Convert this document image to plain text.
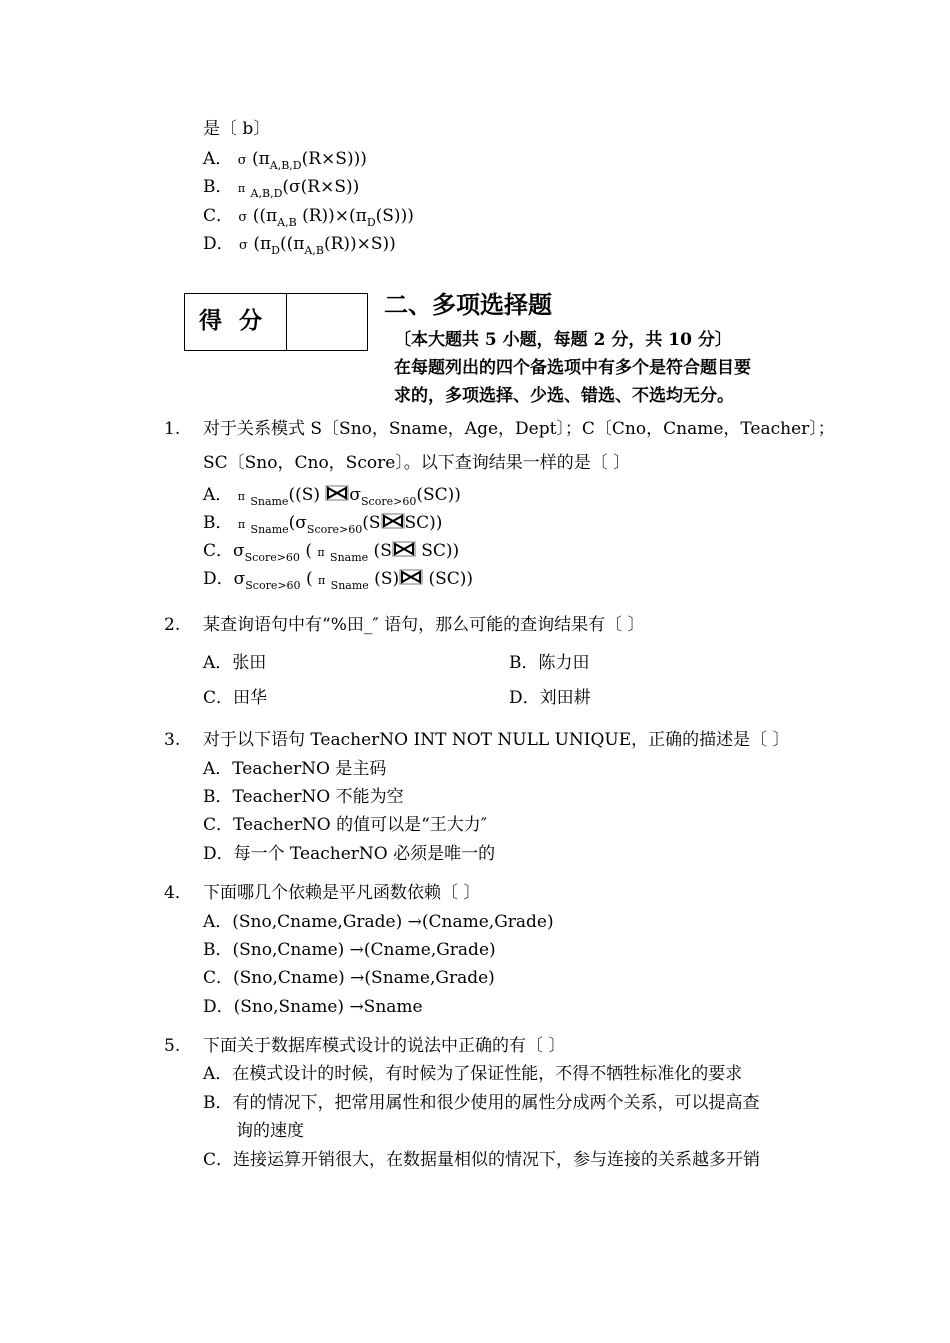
是〔 b〕
A． σ $(\pi_{A,B,D}(R\times S))$)
B． π $_{A,B,D}$(σ(R×S))
C． σ (($\pi_{A,B}$ $(R))\times(\pi_D(S))$)
D． σ $(\pi_D((\pi_{A,B}(R))\times S))$
得分
二、多项选择题
〔本大题共 5 小题，每题 2 分，共 10 分〕
在每题列出的四个备选项中有多个是符合题目要
求的，多项选择、少选、错选、不选均无分。
1. 对于关系模式 S〔Sno，Sname，Age，Dept〕；C〔Cno，Cname，Teacher〕；
SC〔Sno，Cno，Score〕。以下查询结果一样的是〔 〕
A． π $_{Sname}$((S)
$\sigma_{Score>60}(SC)$)
B． π $_{Sname}(\sigma_{Score>60}(S$ SC))
C．$\sigma_{Score>60}$ ( π $_{Sname}$ (S
SC))
D．$\sigma_{Score>60}$ ( π $_{Sname}$ (S)
(SC))
2. 某查询语句中有“%田_″ 语句，那么可能的查询结果有〔 〕
A．张田	B．陈力田
C．田华	D．刘田耕
3. 对于以下语句 TeacherNO INT NOT NULL UNIQUE，正确的描述是〔 〕
A．TeacherNO 是主码
B．TeacherNO 不能为空
C．TeacherNO 的值可以是“王大力″
D．每一个 TeacherNO 必须是唯一的
4． 下面哪几个依赖是平凡函数依赖〔 〕
A．(Sno,Cname,Grade) →(Cname,Grade)
B．(Sno,Cname) →(Cname,Grade)
C．(Sno,Cname) →(Sname,Grade)
D．(Sno,Sname) →Sname
5. 下面关于数据库模式设计的说法中正确的有〔 〕
A．在模式设计的时候，有时候为了保证性能，不得不牺牲标准化的要求
B．有的情况下，把常用属性和很少使用的属性分成两个关系，可以提高查
询的速度
C．连接运算开销很大，在数据量相似的情况下，参与连接的关系越多开销
